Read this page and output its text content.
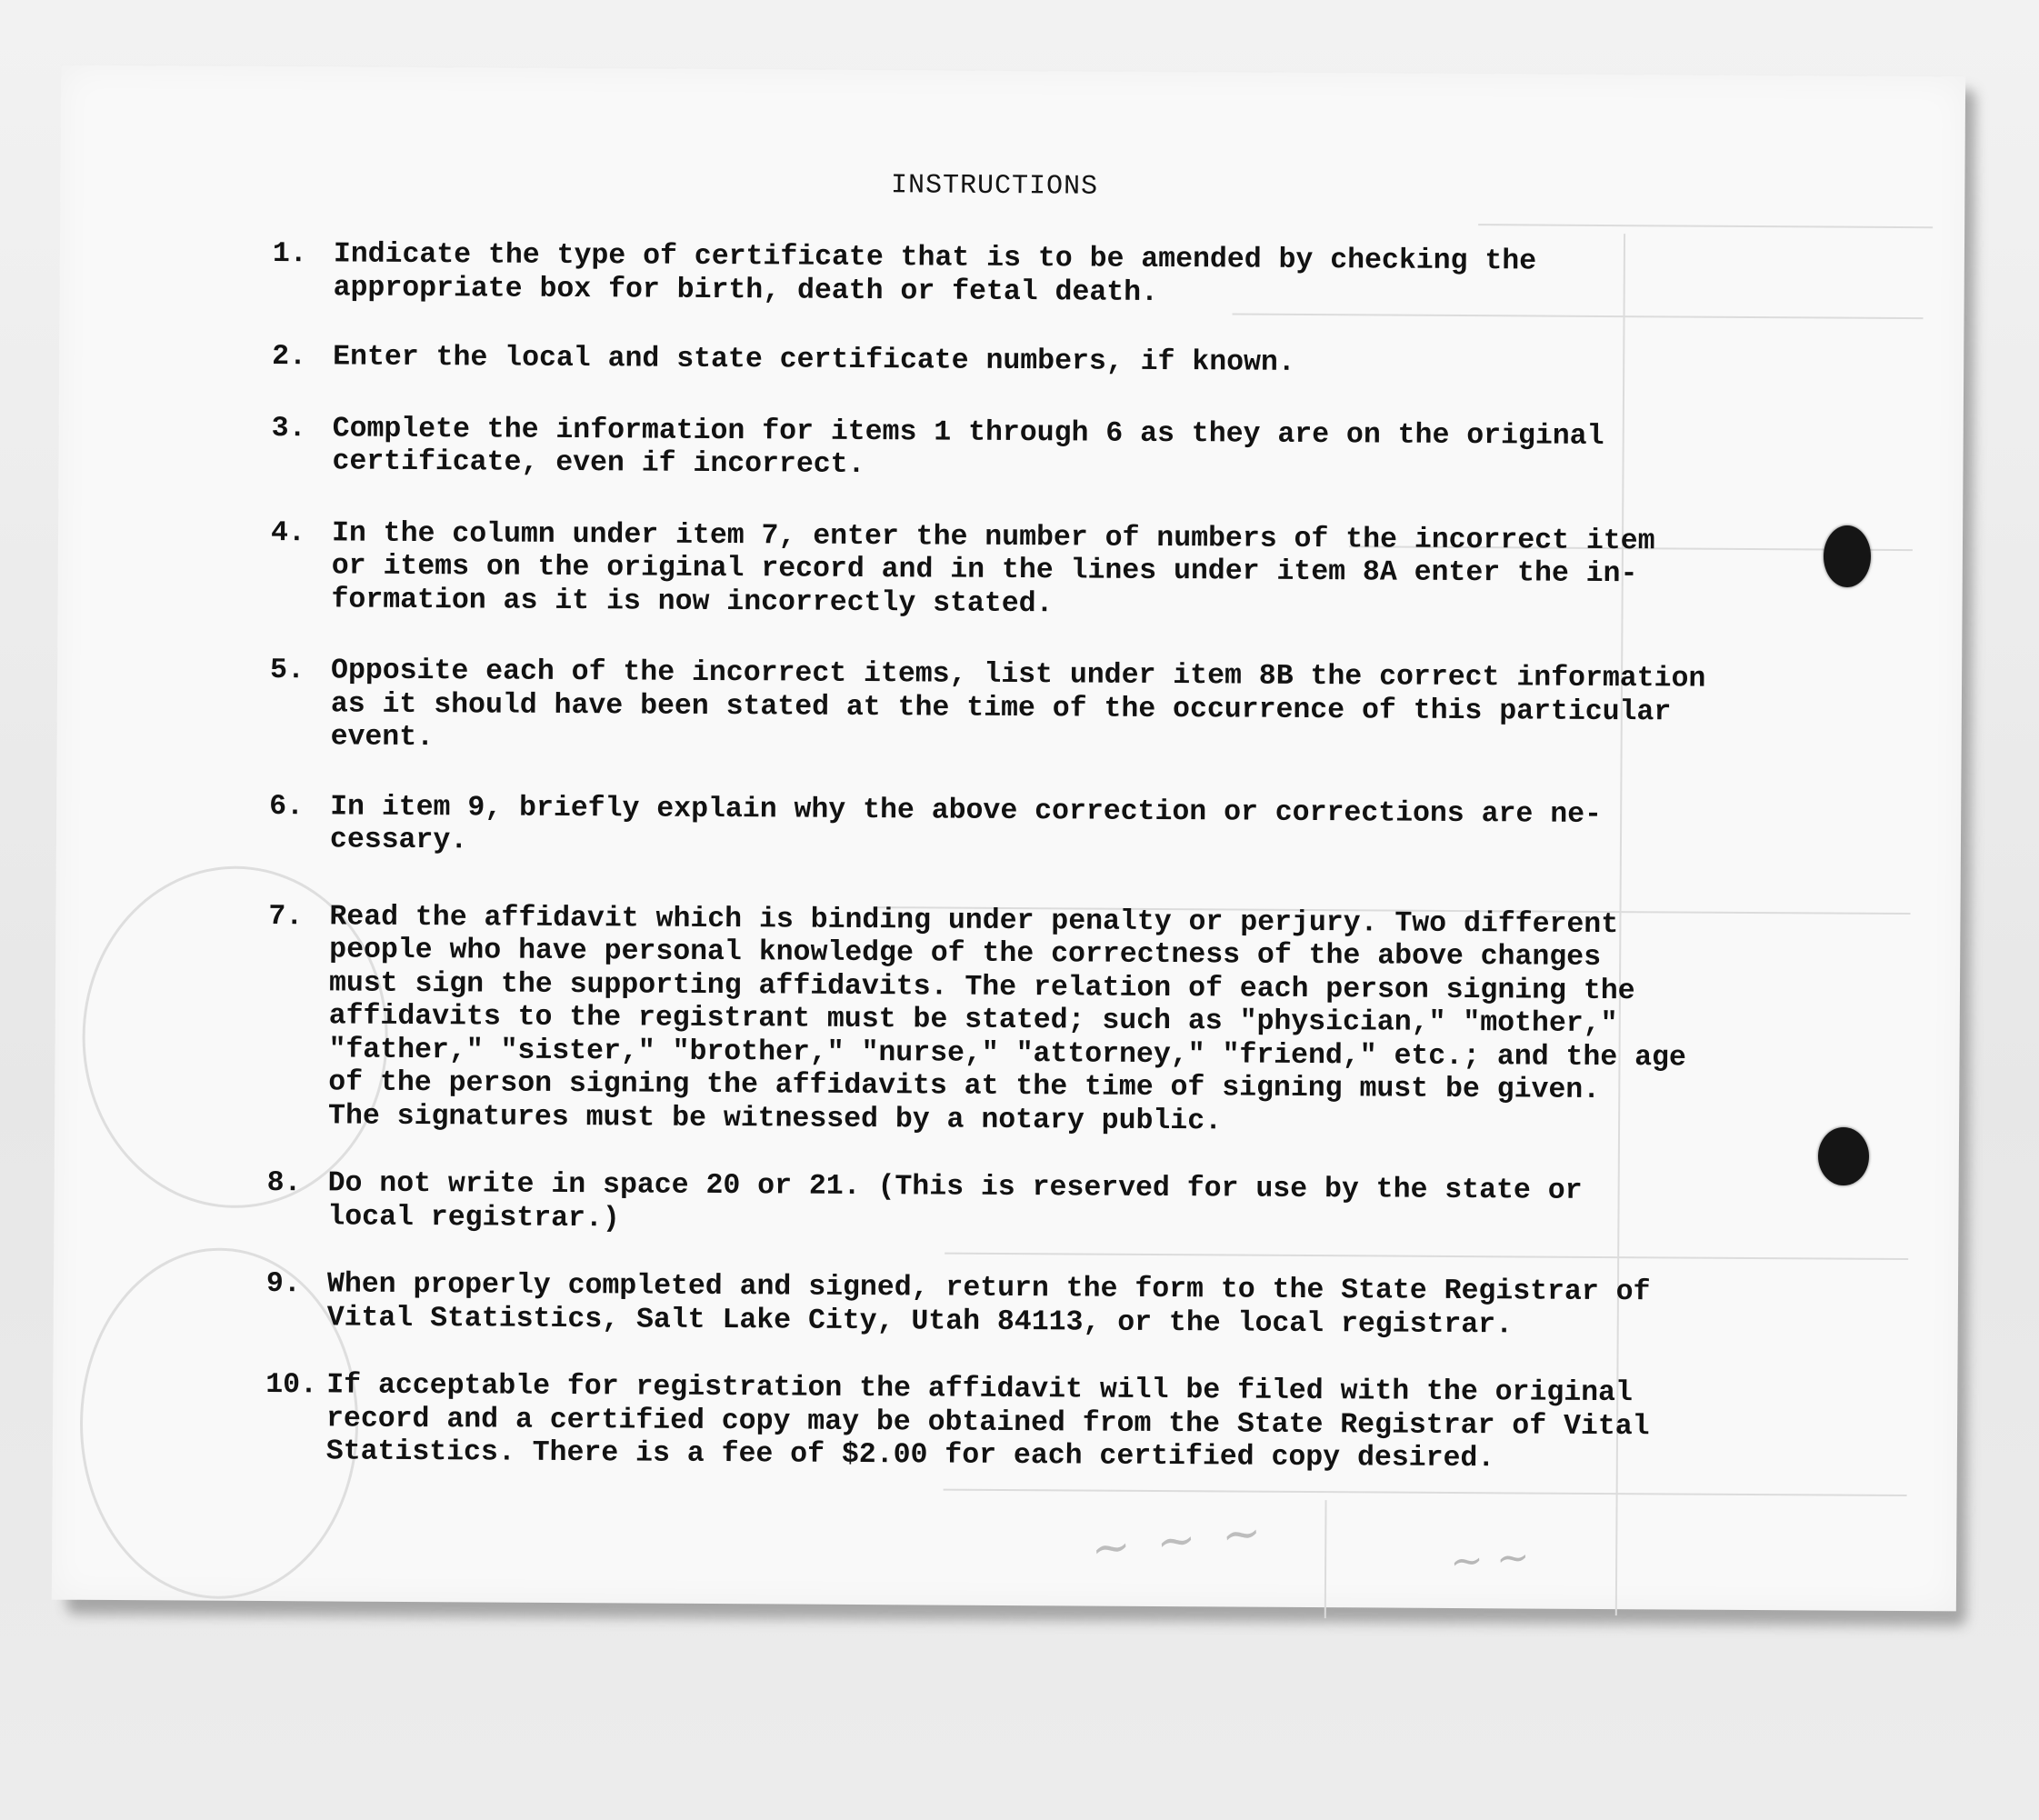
~ ~ ~	~ ~
INSTRUCTIONS
1. Indicate the type of certificate that is to be amended by checking the
appropriate box for birth, death or fetal death.
2. Enter the local and state certificate numbers, if known.
3. Complete the information for items 1 through 6 as they are on the original
certificate, even if incorrect.
4. In the column under item 7, enter the number of numbers of the incorrect item
or items on the original record and in the lines under item 8A enter the in-
formation as it is now incorrectly stated.
5. Opposite each of the incorrect items, list under item 8B the correct information
as it should have been stated at the time of the occurrence of this particular
event.
6. In item 9, briefly explain why the above correction or corrections are ne-
cessary.
7. Read the affidavit which is binding under penalty or perjury. Two different
people who have personal knowledge of the correctness of the above changes
must sign the supporting affidavits. The relation of each person signing the
affidavits to the registrant must be stated; such as "physician," "mother,"
"father," "sister," "brother," "nurse," "attorney," "friend," etc.; and the age
of the person signing the affidavits at the time of signing must be given.
The signatures must be witnessed by a notary public.
8. Do not write in space 20 or 21. (This is reserved for use by the state or
local registrar.)
9. When properly completed and signed, return the form to the State Registrar of
Vital Statistics, Salt Lake City, Utah 84113, or the local registrar.
10. If acceptable for registration the affidavit will be filed with the original
record and a certified copy may be obtained from the State Registrar of Vital
Statistics. There is a fee of $2.00 for each certified copy desired.
